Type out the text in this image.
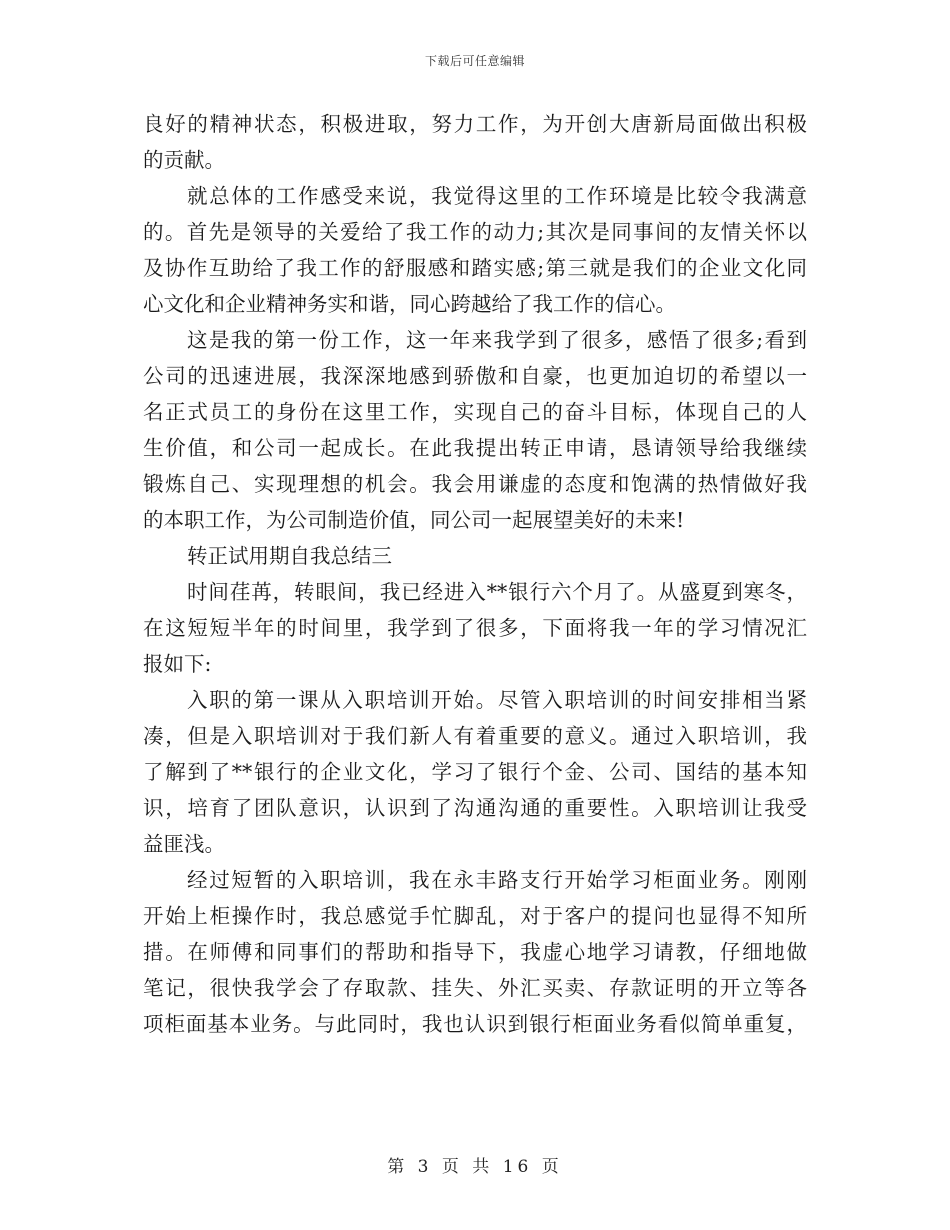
下载后可任意编辑
良好的精神状态，积极进取，努力工作，为开创大唐新局面做出积极
的贡献。
就总体的工作感受来说，我觉得这里的工作环境是比较令我满意
的。首先是领导的关爱给了我工作的动力;其次是同事间的友情关怀以
及协作互助给了我工作的舒服感和踏实感;第三就是我们的企业文化同
心文化和企业精神务实和谐，同心跨越给了我工作的信心。
这是我的第一份工作，这一年来我学到了很多，感悟了很多;看到
公司的迅速进展，我深深地感到骄傲和自豪，也更加迫切的希望以一
名正式员工的身份在这里工作，实现自己的奋斗目标，体现自己的人
生价值，和公司一起成长。在此我提出转正申请，恳请领导给我继续
锻炼自己、实现理想的机会。我会用谦虚的态度和饱满的热情做好我
的本职工作，为公司制造价值，同公司一起展望美好的未来!
转正试用期自我总结三
时间荏苒，转眼间，我已经进入**银行六个月了。从盛夏到寒冬，
在这短短半年的时间里，我学到了很多，下面将我一年的学习情况汇
报如下:
入职的第一课从入职培训开始。尽管入职培训的时间安排相当紧
凑，但是入职培训对于我们新人有着重要的意义。通过入职培训，我
了解到了**银行的企业文化，学习了银行个金、公司、国结的基本知
识，培育了团队意识，认识到了沟通沟通的重要性。入职培训让我受
益匪浅。
经过短暂的入职培训，我在永丰路支行开始学习柜面业务。刚刚
开始上柜操作时，我总感觉手忙脚乱，对于客户的提问也显得不知所
措。在师傅和同事们的帮助和指导下，我虚心地学习请教，仔细地做
笔记，很快我学会了存取款、挂失、外汇买卖、存款证明的开立等各
项柜面基本业务。与此同时，我也认识到银行柜面业务看似简单重复，
第 3 页 共 16 页
